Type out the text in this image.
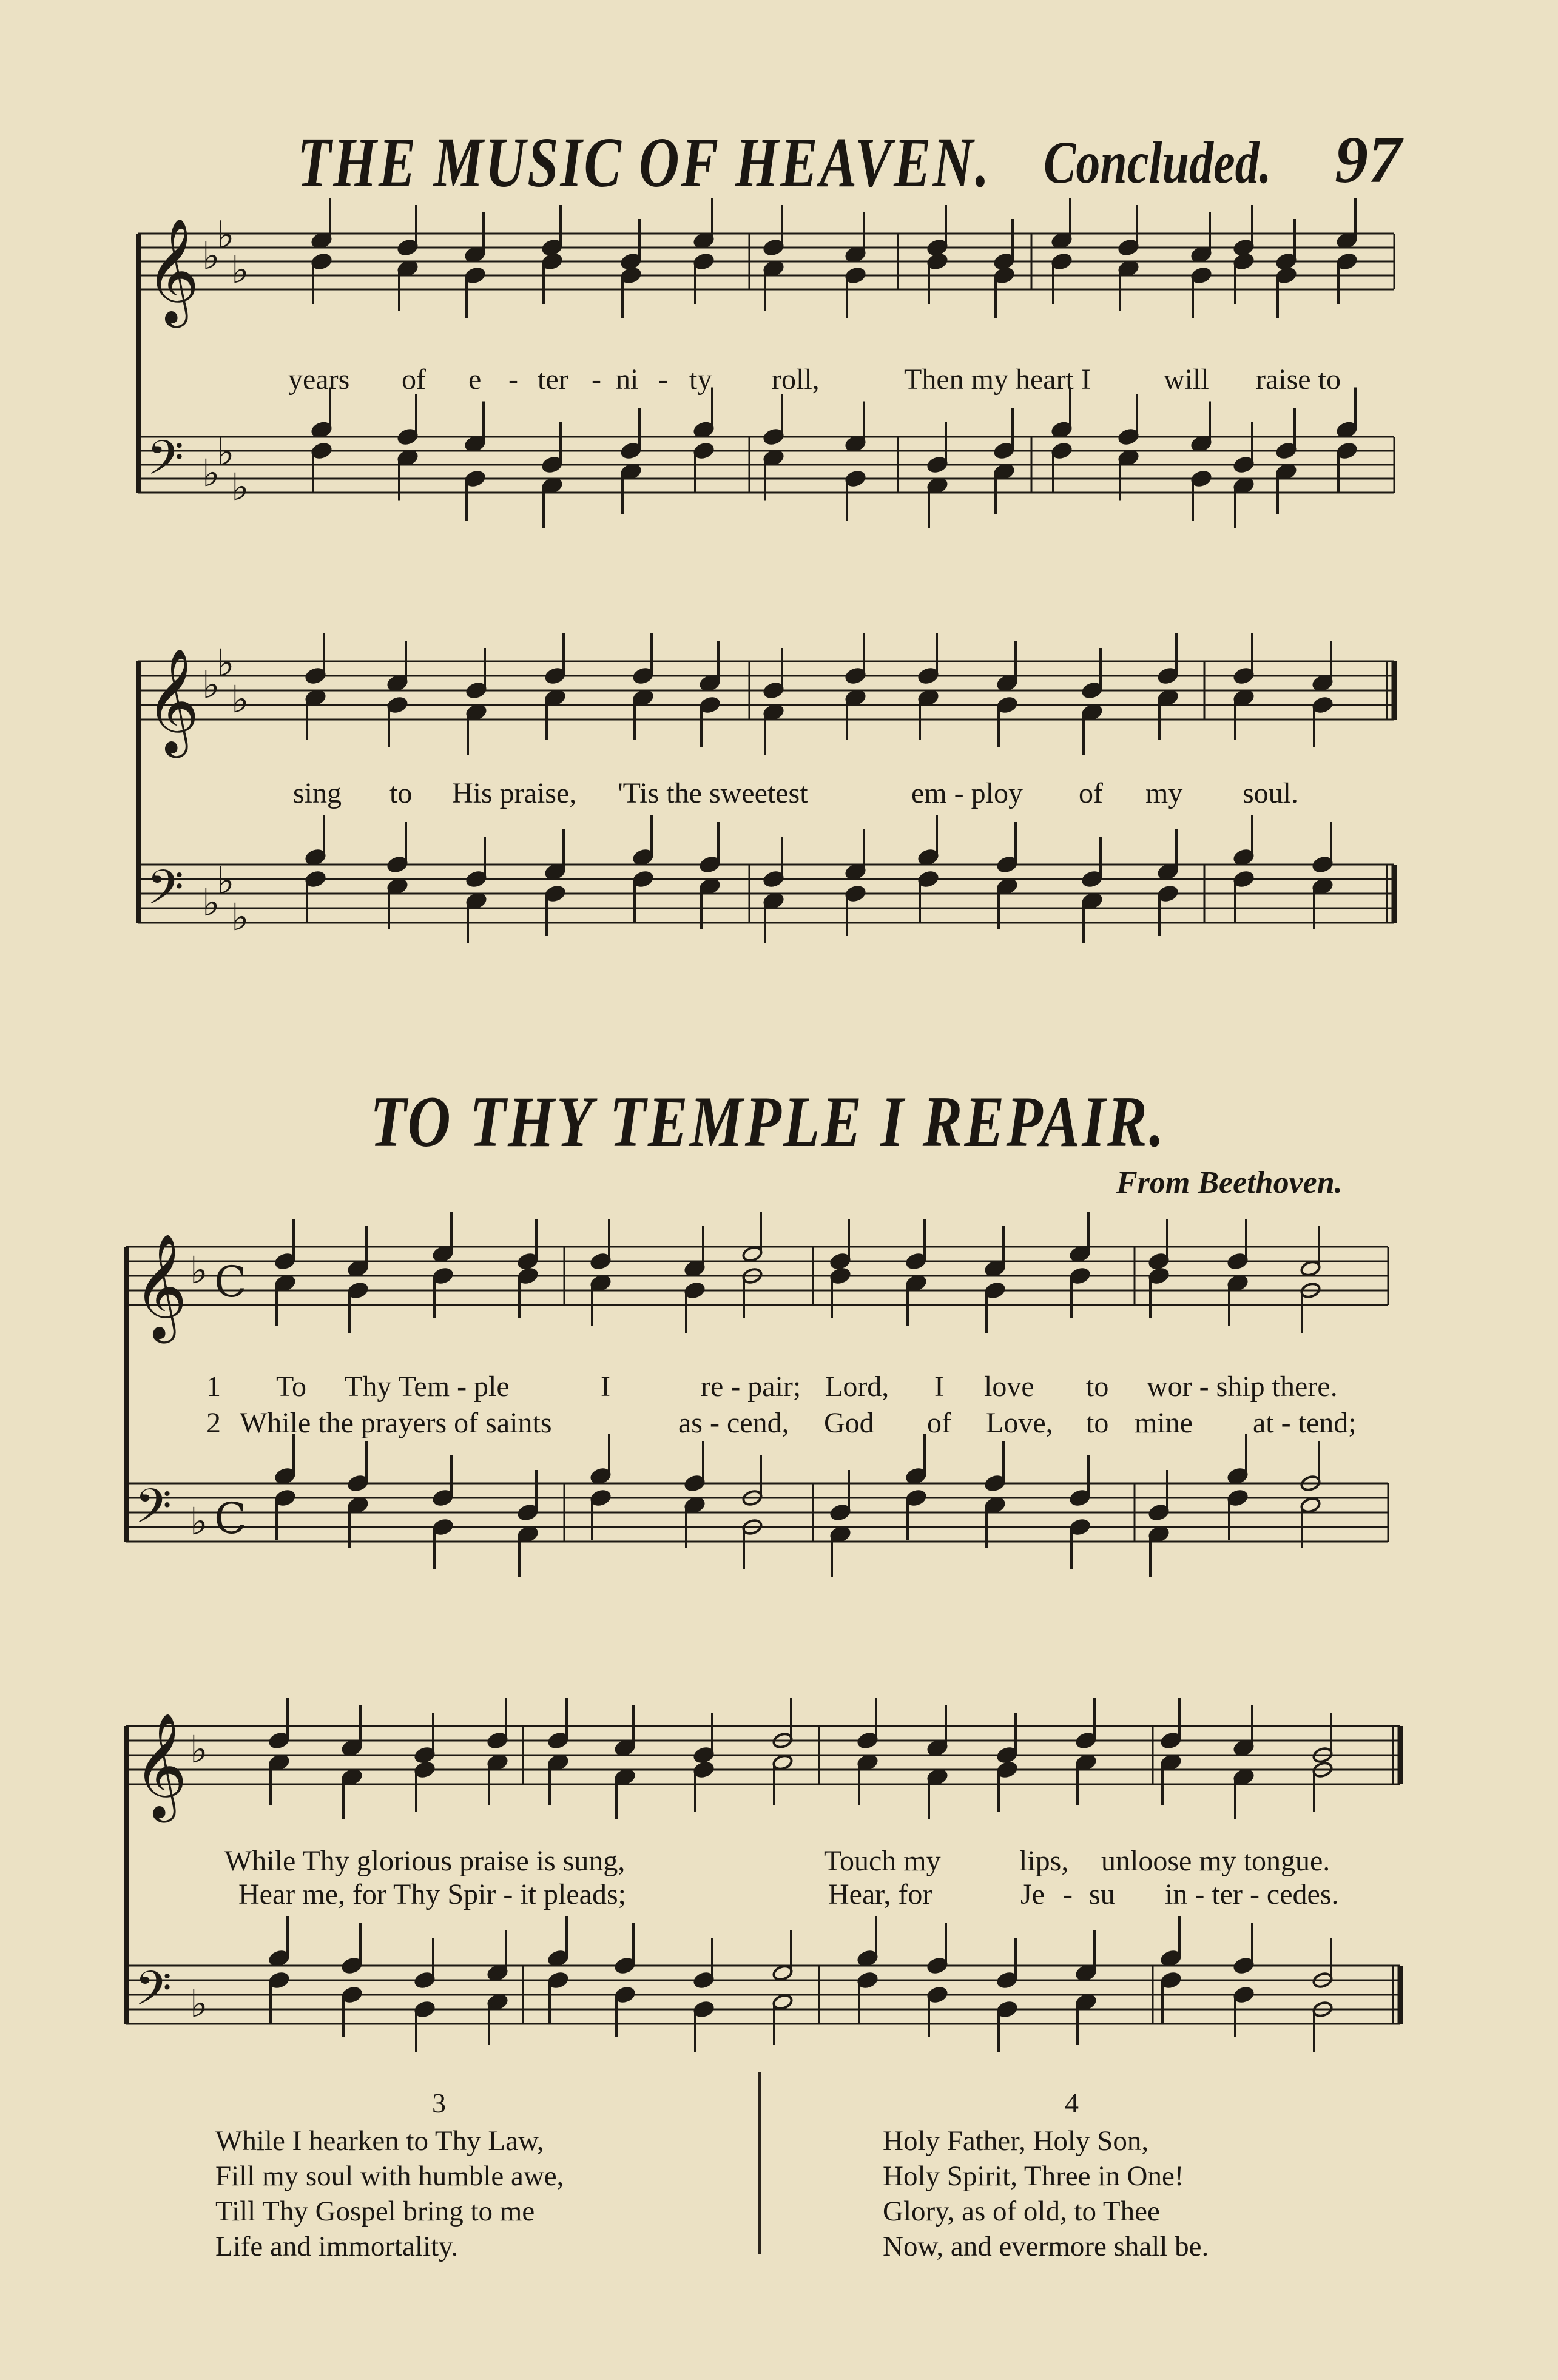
THE MUSIC OF HEAVEN. Concluded. 97
𝄞
𝄢
♭
♭
♭
♭
♭
♭
𝄞
𝄢
♭
♭
♭
♭
♭
♭
𝄞
𝄢
♭
♭
C
C
𝄞
𝄢
♭
♭
years of e - ter - ni - ty roll,	Then my heart I	will raise to
sing to His praise, 'Tis the sweetest	em - ploy of my soul.
TO THY TEMPLE I REPAIR.
From Beethoven.
1 To Thy Tem - ple	I	re - pair; Lord, I love to wor - ship there.
2 While the prayers of saints	as - cend, God of Love, to mine at - tend;
While Thy glorious praise is sung,	Touch my	lips, unloose my tongue.
Hear me, for Thy Spir - it pleads;	Hear, for	Je - su in - ter - cedes.
3
While I hearken to Thy Law,
Fill my soul with humble awe,
Till Thy Gospel bring to me
Life and immortality.
4
Holy Father, Holy Son,
Holy Spirit, Three in One!
Glory, as of old, to Thee
Now, and evermore shall be.
